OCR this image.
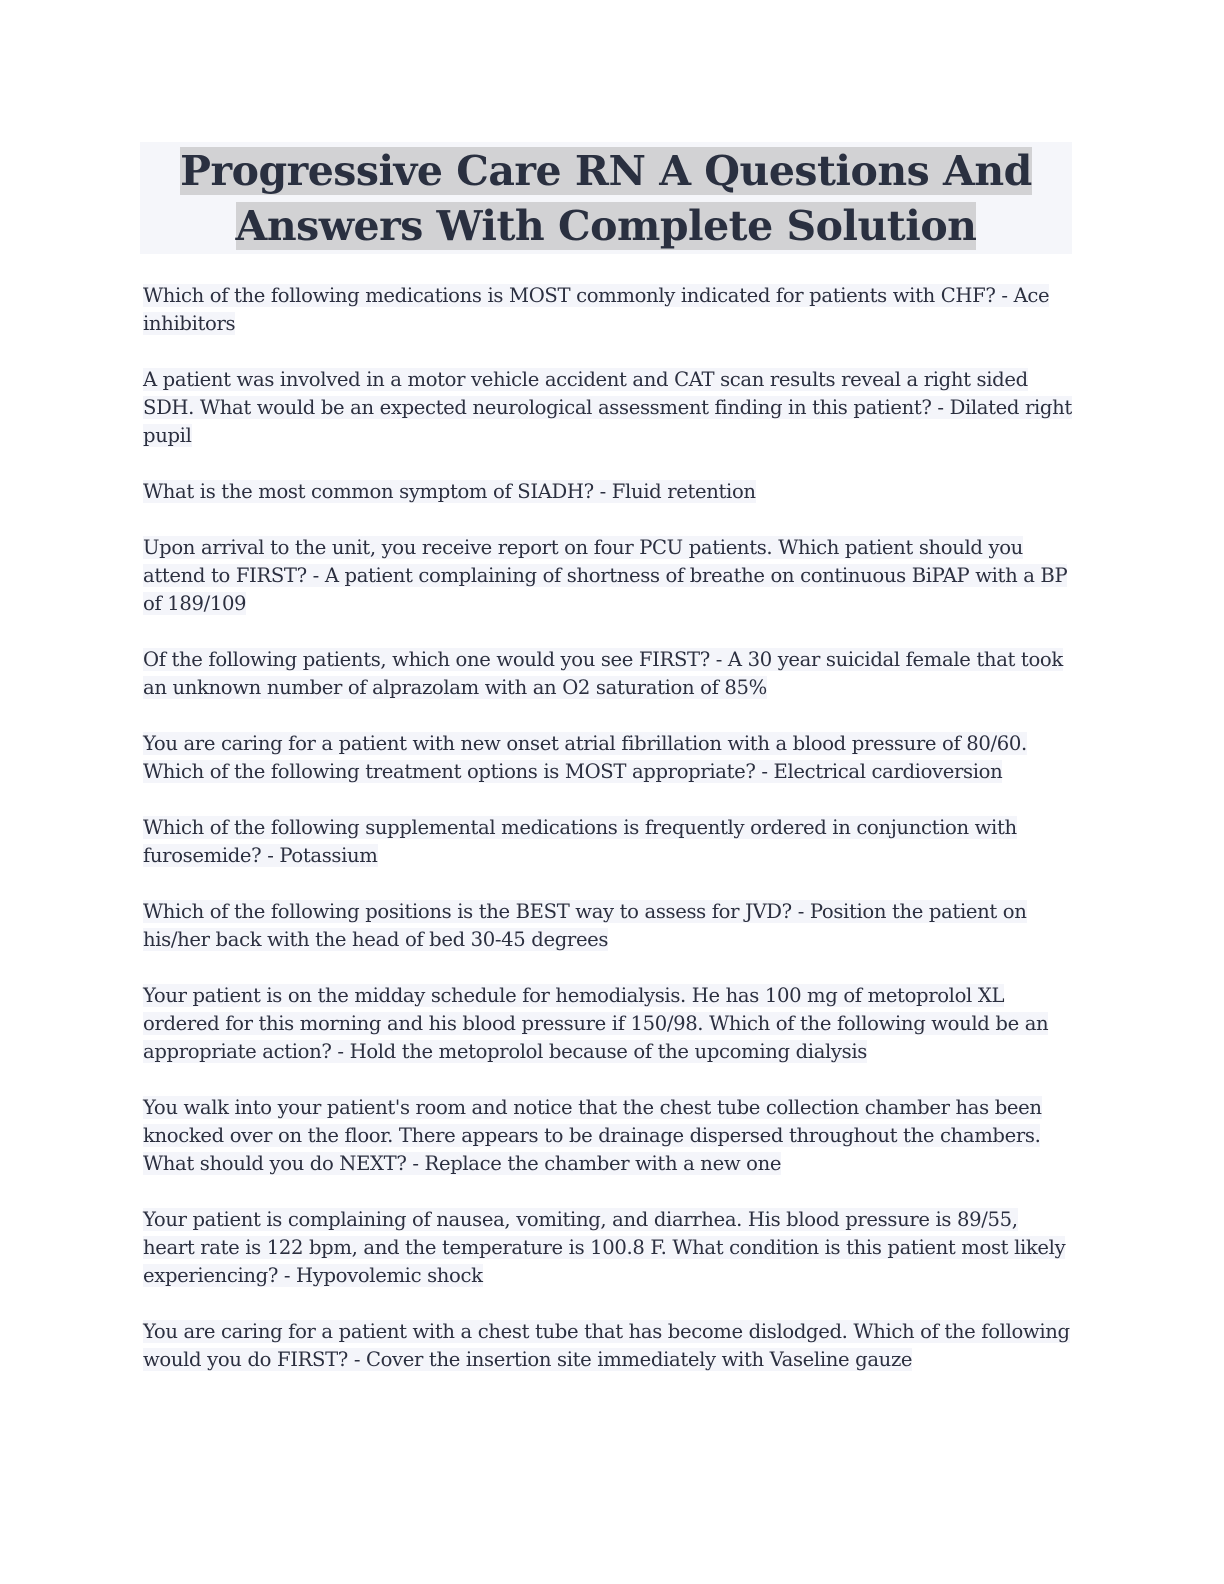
Progressive Care RN A Questions And
Answers With Complete Solution

Which of the following medications is MOST commonly indicated for patients with CHF? - Ace inhibitors

A patient was involved in a motor vehicle accident and CAT scan results reveal a right sided SDH. What would be an expected neurological assessment finding in this patient? - Dilated right pupil

What is the most common symptom of SIADH? - Fluid retention

Upon arrival to the unit, you receive report on four PCU patients. Which patient should you attend to FIRST? - A patient complaining of shortness of breathe on continuous BiPAP with a BP of 189/109

Of the following patients, which one would you see FIRST? - A 30 year suicidal female that took an unknown number of alprazolam with an O2 saturation of 85%

You are caring for a patient with new onset atrial fibrillation with a blood pressure of 80/60. Which of the following treatment options is MOST appropriate? - Electrical cardioversion

Which of the following supplemental medications is frequently ordered in conjunction with furosemide? - Potassium

Which of the following positions is the BEST way to assess for JVD? - Position the patient on his/her back with the head of bed 30-45 degrees

Your patient is on the midday schedule for hemodialysis. He has 100 mg of metoprolol XL ordered for this morning and his blood pressure if 150/98. Which of the following would be an appropriate action? - Hold the metoprolol because of the upcoming dialysis

You walk into your patient's room and notice that the chest tube collection chamber has been knocked over on the floor. There appears to be drainage dispersed throughout the chambers. What should you do NEXT? - Replace the chamber with a new one

Your patient is complaining of nausea, vomiting, and diarrhea. His blood pressure is 89/55, heart rate is 122 bpm, and the temperature is 100.8 F. What condition is this patient most likely experiencing? - Hypovolemic shock

You are caring for a patient with a chest tube that has become dislodged. Which of the following would you do FIRST? - Cover the insertion site immediately with Vaseline gauze
